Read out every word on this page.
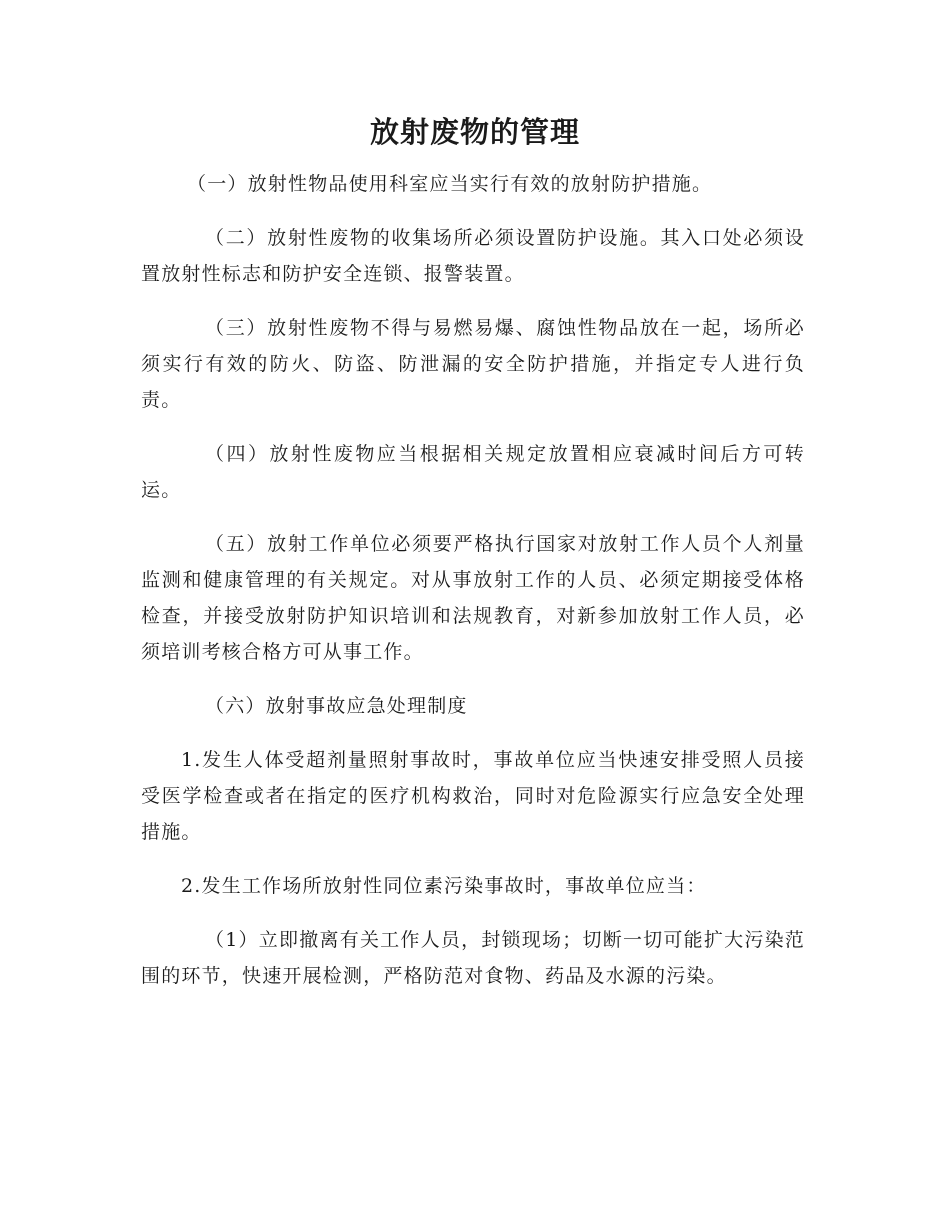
放射废物的管理

（一）放射性物品使用科室应当实行有效的放射防护措施。

（二）放射性废物的收集场所必须设置防护设施。其入口处必须设置放射性标志和防护安全连锁、报警装置。

（三）放射性废物不得与易燃易爆、腐蚀性物品放在一起，场所必须实行有效的防火、防盗、防泄漏的安全防护措施，并指定专人进行负责。

（四）放射性废物应当根据相关规定放置相应衰减时间后方可转运。

（五）放射工作单位必须要严格执行国家对放射工作人员个人剂量监测和健康管理的有关规定。对从事放射工作的人员、必须定期接受体格检查，并接受放射防护知识培训和法规教育，对新参加放射工作人员，必须培训考核合格方可从事工作。

（六）放射事故应急处理制度

1.发生人体受超剂量照射事故时，事故单位应当快速安排受照人员接受医学检查或者在指定的医疗机构救治，同时对危险源实行应急安全处理措施。

2.发生工作场所放射性同位素污染事故时，事故单位应当：

（1）立即撤离有关工作人员，封锁现场；切断一切可能扩大污染范围的环节，快速开展检测，严格防范对食物、药品及水源的污染。
